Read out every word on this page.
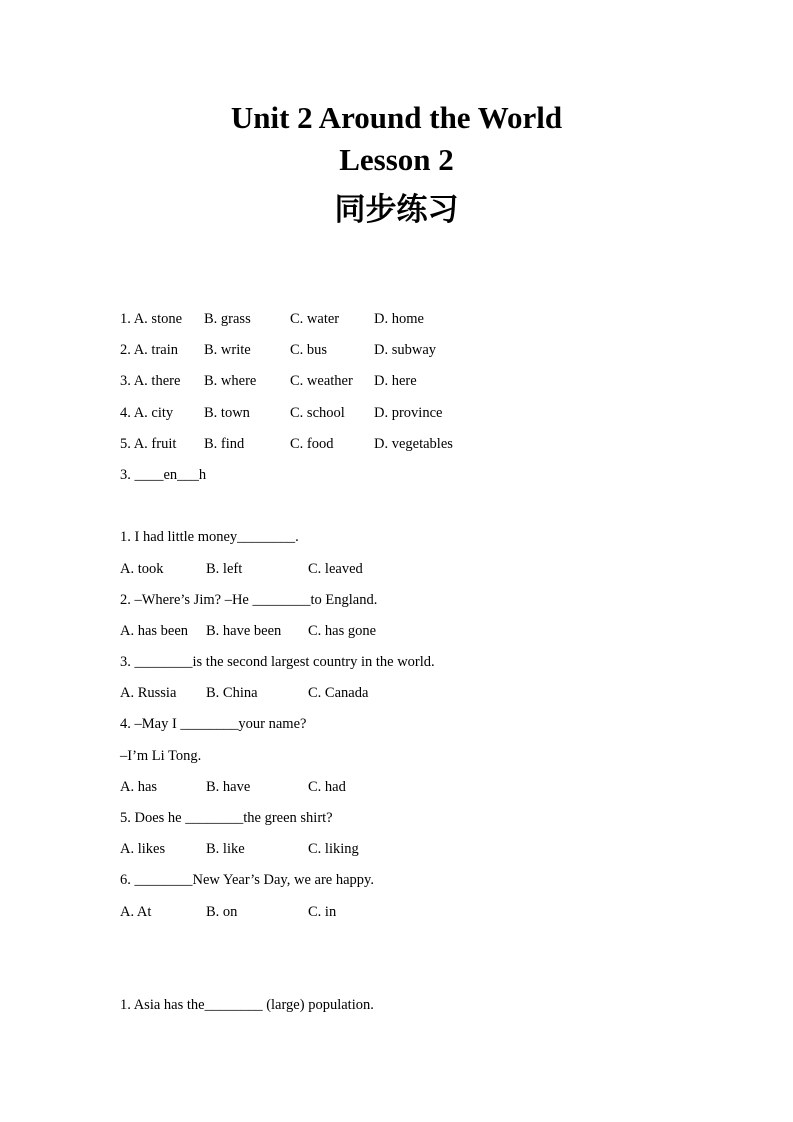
Unit 2 Around the World
Lesson 2
同步练习
1. A. stone B. grass	C. water D. home
2. A. train B. write	C. bus	D. subway
3. A. there B. where C. weather D. here
4. A. city B. town	C. school D. province
5. A. fruit B. find	C. food	D. vegetables
3. ____en___h
1. I had little money________.
A. took	B. left	C. leaved
2. –Where’s Jim? –He ________to England.
A. has been B. have been C. has gone
3. ________is the second largest country in the world.
A. Russia B. China	C. Canada
4. –May I ________your name?
–I’m Li Tong.
A. has	B. have	C. had
5. Does he ________the green shirt?
A. likes	B. like	C. liking
6. ________New Year’s Day, we are happy.
A. At	B. on	C. in
1. Asia has the________ (large) population.
